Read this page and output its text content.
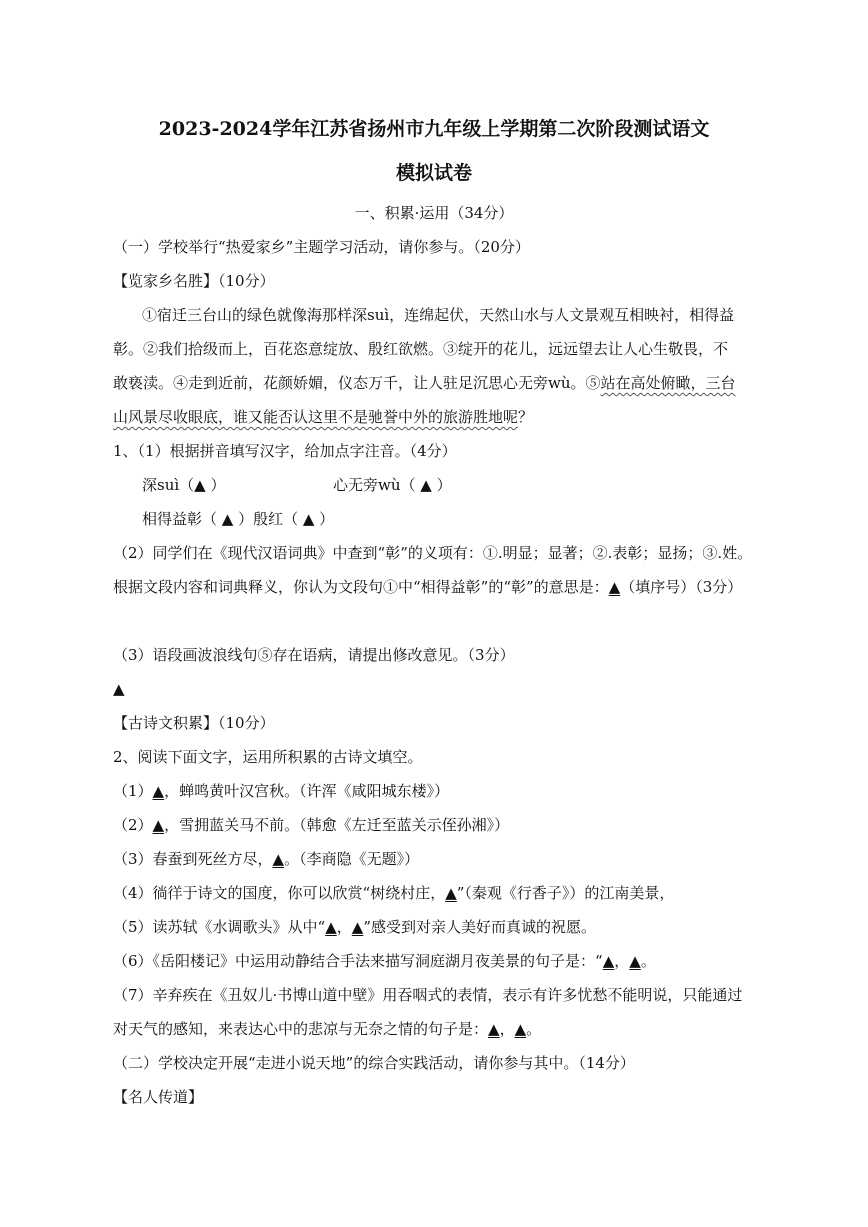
2023-2024学年江苏省扬州市九年级上学期第二次阶段测试语文
模拟试卷
一、积累·运用（34分）
（一）学校举行“热爱家乡”主题学习活动，请你参与。（20分）
【览家乡名胜】（10分）
①宿迁三台山的绿色就像海那样深suì，连绵起伏，天然山水与人文景观互相映衬，相得益
彰。②我们拾级而上，百花恣意绽放、殷红欲燃。③绽开的花儿，远远望去让人心生敬畏，不
敢亵渎。④走到近前，花颜娇媚，仪态万千，让人驻足沉思心无旁wù。⑤站在高处俯瞰，三台
山风景尽收眼底，谁又能否认这里不是驰誉中外的旅游胜地呢？
1、（1）根据拼音填写汉字，给加点字注音。（4分）
深suì（▲ ）	心无旁wù（ ▲ ）
相得益彰（ ▲ ）殷红（ ▲ ）
（2）同学们在《现代汉语词典》中查到“彰”的义项有：①.明显；显著；②.表彰；显扬；③.姓。
根据文段内容和词典释义，你认为文段句①中“相得益彰”的“彰”的意思是：▲（填序号）（3分）
（3）语段画波浪线句⑤存在语病，请提出修改意见。（3分）
▲
【古诗文积累】（10分）
2、阅读下面文字，运用所积累的古诗文填空。
（1）▲，蝉鸣黄叶汉宫秋。（许浑《咸阳城东楼》）
（2）▲，雪拥蓝关马不前。（韩愈《左迁至蓝关示侄孙湘》）
（3）春蚕到死丝方尽，▲。（李商隐《无题》）
（4）徜徉于诗文的国度，你可以欣赏“树绕村庄，▲”（秦观《行香子》）的江南美景，
（5）读苏轼《水调歌头》从中“▲，▲”感受到对亲人美好而真诚的祝愿。
（6）《岳阳楼记》中运用动静结合手法来描写洞庭湖月夜美景的句子是：“▲，▲。
（7）辛弃疾在《丑奴儿·书博山道中壁》用吞咽式的表情，表示有许多忧愁不能明说，只能通过
对天气的感知，来表达心中的悲凉与无奈之情的句子是：▲，▲。
（二）学校决定开展“走进小说天地”的综合实践活动，请你参与其中。（14分）
【名人传道】
